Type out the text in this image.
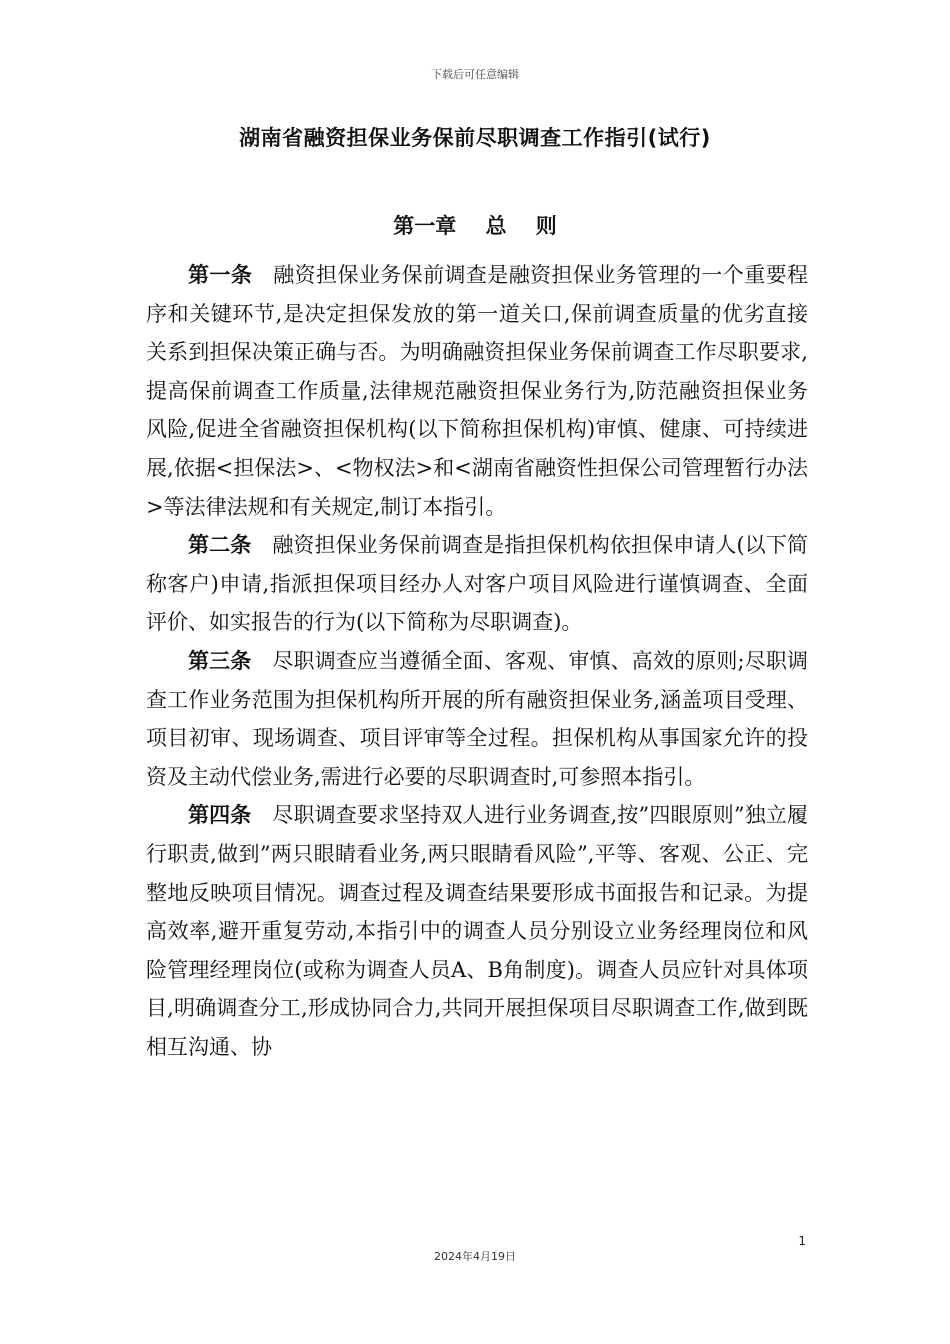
下载后可任意编辑
湖南省融资担保业务保前尽职调查工作指引(试行)
第一章    总    则

第一条 融资担保业务保前调查是融资担保业务管理的一个重要程序和关键环节,是决定担保发放的第一道关口,保前调查质量的优劣直接关系到担保决策正确与否。为明确融资担保业务保前调查工作尽职要求,提高保前调查工作质量,法律规范融资担保业务行为,防范融资担保业务风险,促进全省融资担保机构(以下简称担保机构)审慎、健康、可持续进展,依据<担保法>、<物权法>和<湖南省融资性担保公司管理暂行办法>等法律法规和有关规定,制订本指引。

第二条 融资担保业务保前调查是指担保机构依担保申请人(以下简称客户)申请,指派担保项目经办人对客户项目风险进行谨慎调查、全面评价、如实报告的行为(以下简称为尽职调查)。

第三条 尽职调查应当遵循全面、客观、审慎、高效的原则;尽职调查工作业务范围为担保机构所开展的所有融资担保业务,涵盖项目受理、项目初审、现场调查、项目评审等全过程。担保机构从事国家允许的投资及主动代偿业务,需进行必要的尽职调查时,可参照本指引。

第四条 尽职调查要求坚持双人进行业务调查,按”四眼原则”独立履行职责,做到”两只眼睛看业务,两只眼睛看风险”,平等、客观、公正、完整地反映项目情况。调查过程及调查结果要形成书面报告和记录。为提高效率,避开重复劳动,本指引中的调查人员分别设立业务经理岗位和风险管理经理岗位(或称为调查人员A、B角制度)。调查人员应针对具体项目,明确调查分工,形成协同合力,共同开展担保项目尽职调查工作,做到既相互沟通、协

1
2024年4月19日
